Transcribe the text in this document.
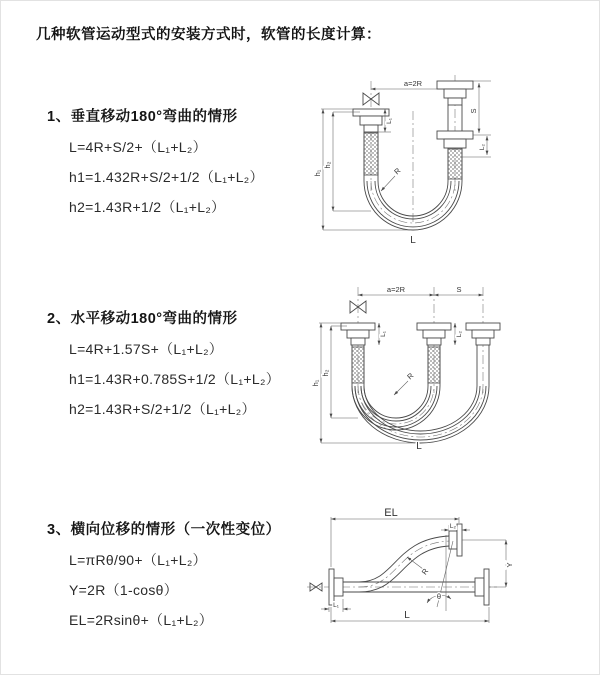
几种软管运动型式的安装方式时，软管的长度计算：
1、垂直移动180°弯曲的情形
L=4R+S/2+（L₁+L₂）
h1=1.432R+S/2+1/2（L₁+L₂）
h2=1.43R+1/2（L₁+L₂）
2、水平移动180°弯曲的情形
L=4R+1.57S+（L₁+L₂）
h1=1.43R+0.785S+1/2（L₁+L₂）
h2=1.43R+S/2+1/2（L₁+L₂）
3、横向位移的情形（一次性变位）
L=πRθ/90+（L₁+L₂）
Y=2R（1-cosθ）
EL=2Rsinθ+（L₁+L₂）
a=2R
h₁
h₂
L₁
S
L₂
R
L
a=2R	S
h₁
h₂
L₁	L₂
R
L
EL
L₂
Y
L
L₁
θ
R
